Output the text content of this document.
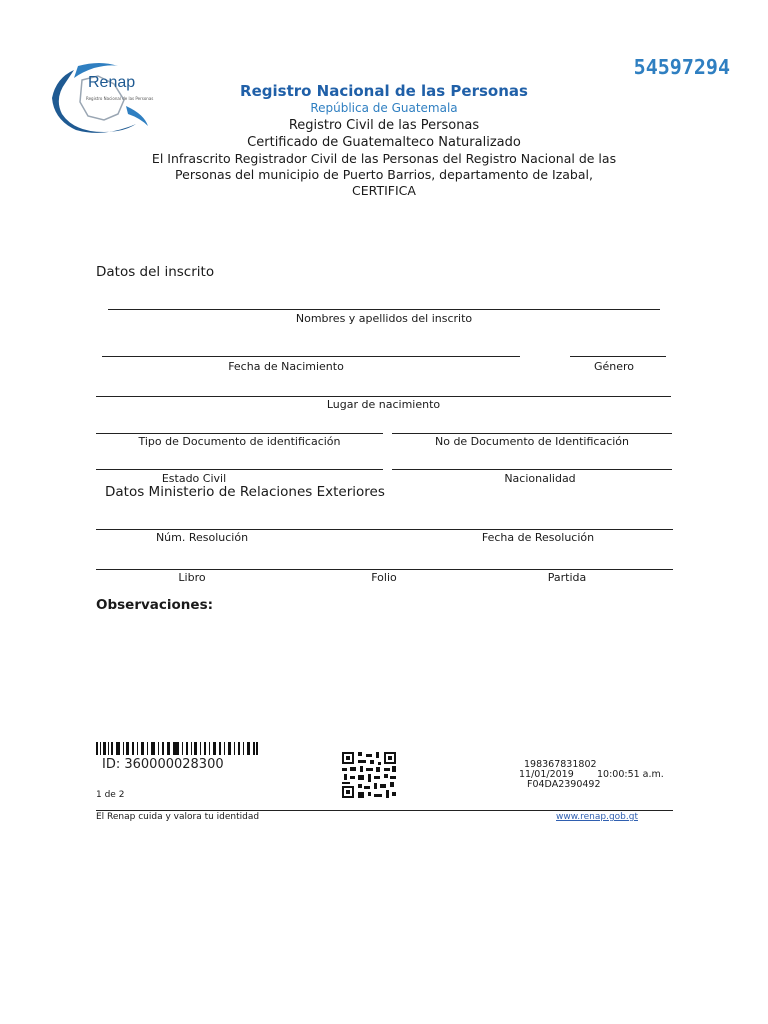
54597294
Renap
Registro Nacional de las Personas	Registro Nacional de las Personas
República de Guatemala
Registro Civil de las Personas
Certificado de Guatemalteco Naturalizado
El Infrascrito Registrador Civil de las Personas del Registro Nacional de las
Personas del municipio de Puerto Barrios, departamento de Izabal,
CERTIFICA
Datos del inscrito
Nombres y apellidos del inscrito
Fecha de Nacimiento	Género
Lugar de nacimiento
Tipo de Documento de identificación	No de Documento de Identificación
Estado Civil	Nacionalidad
Datos Ministerio de Relaciones Exteriores
Núm. Resolución	Fecha de Resolución
Libro	Folio	Partida
Observaciones:
ID: 360000028300	198367831802
11/01/2019 10:00:51 a.m.
F04DA2390492
1 de 2
El Renap cuida y valora tu identidad	www.renap.gob.gt
